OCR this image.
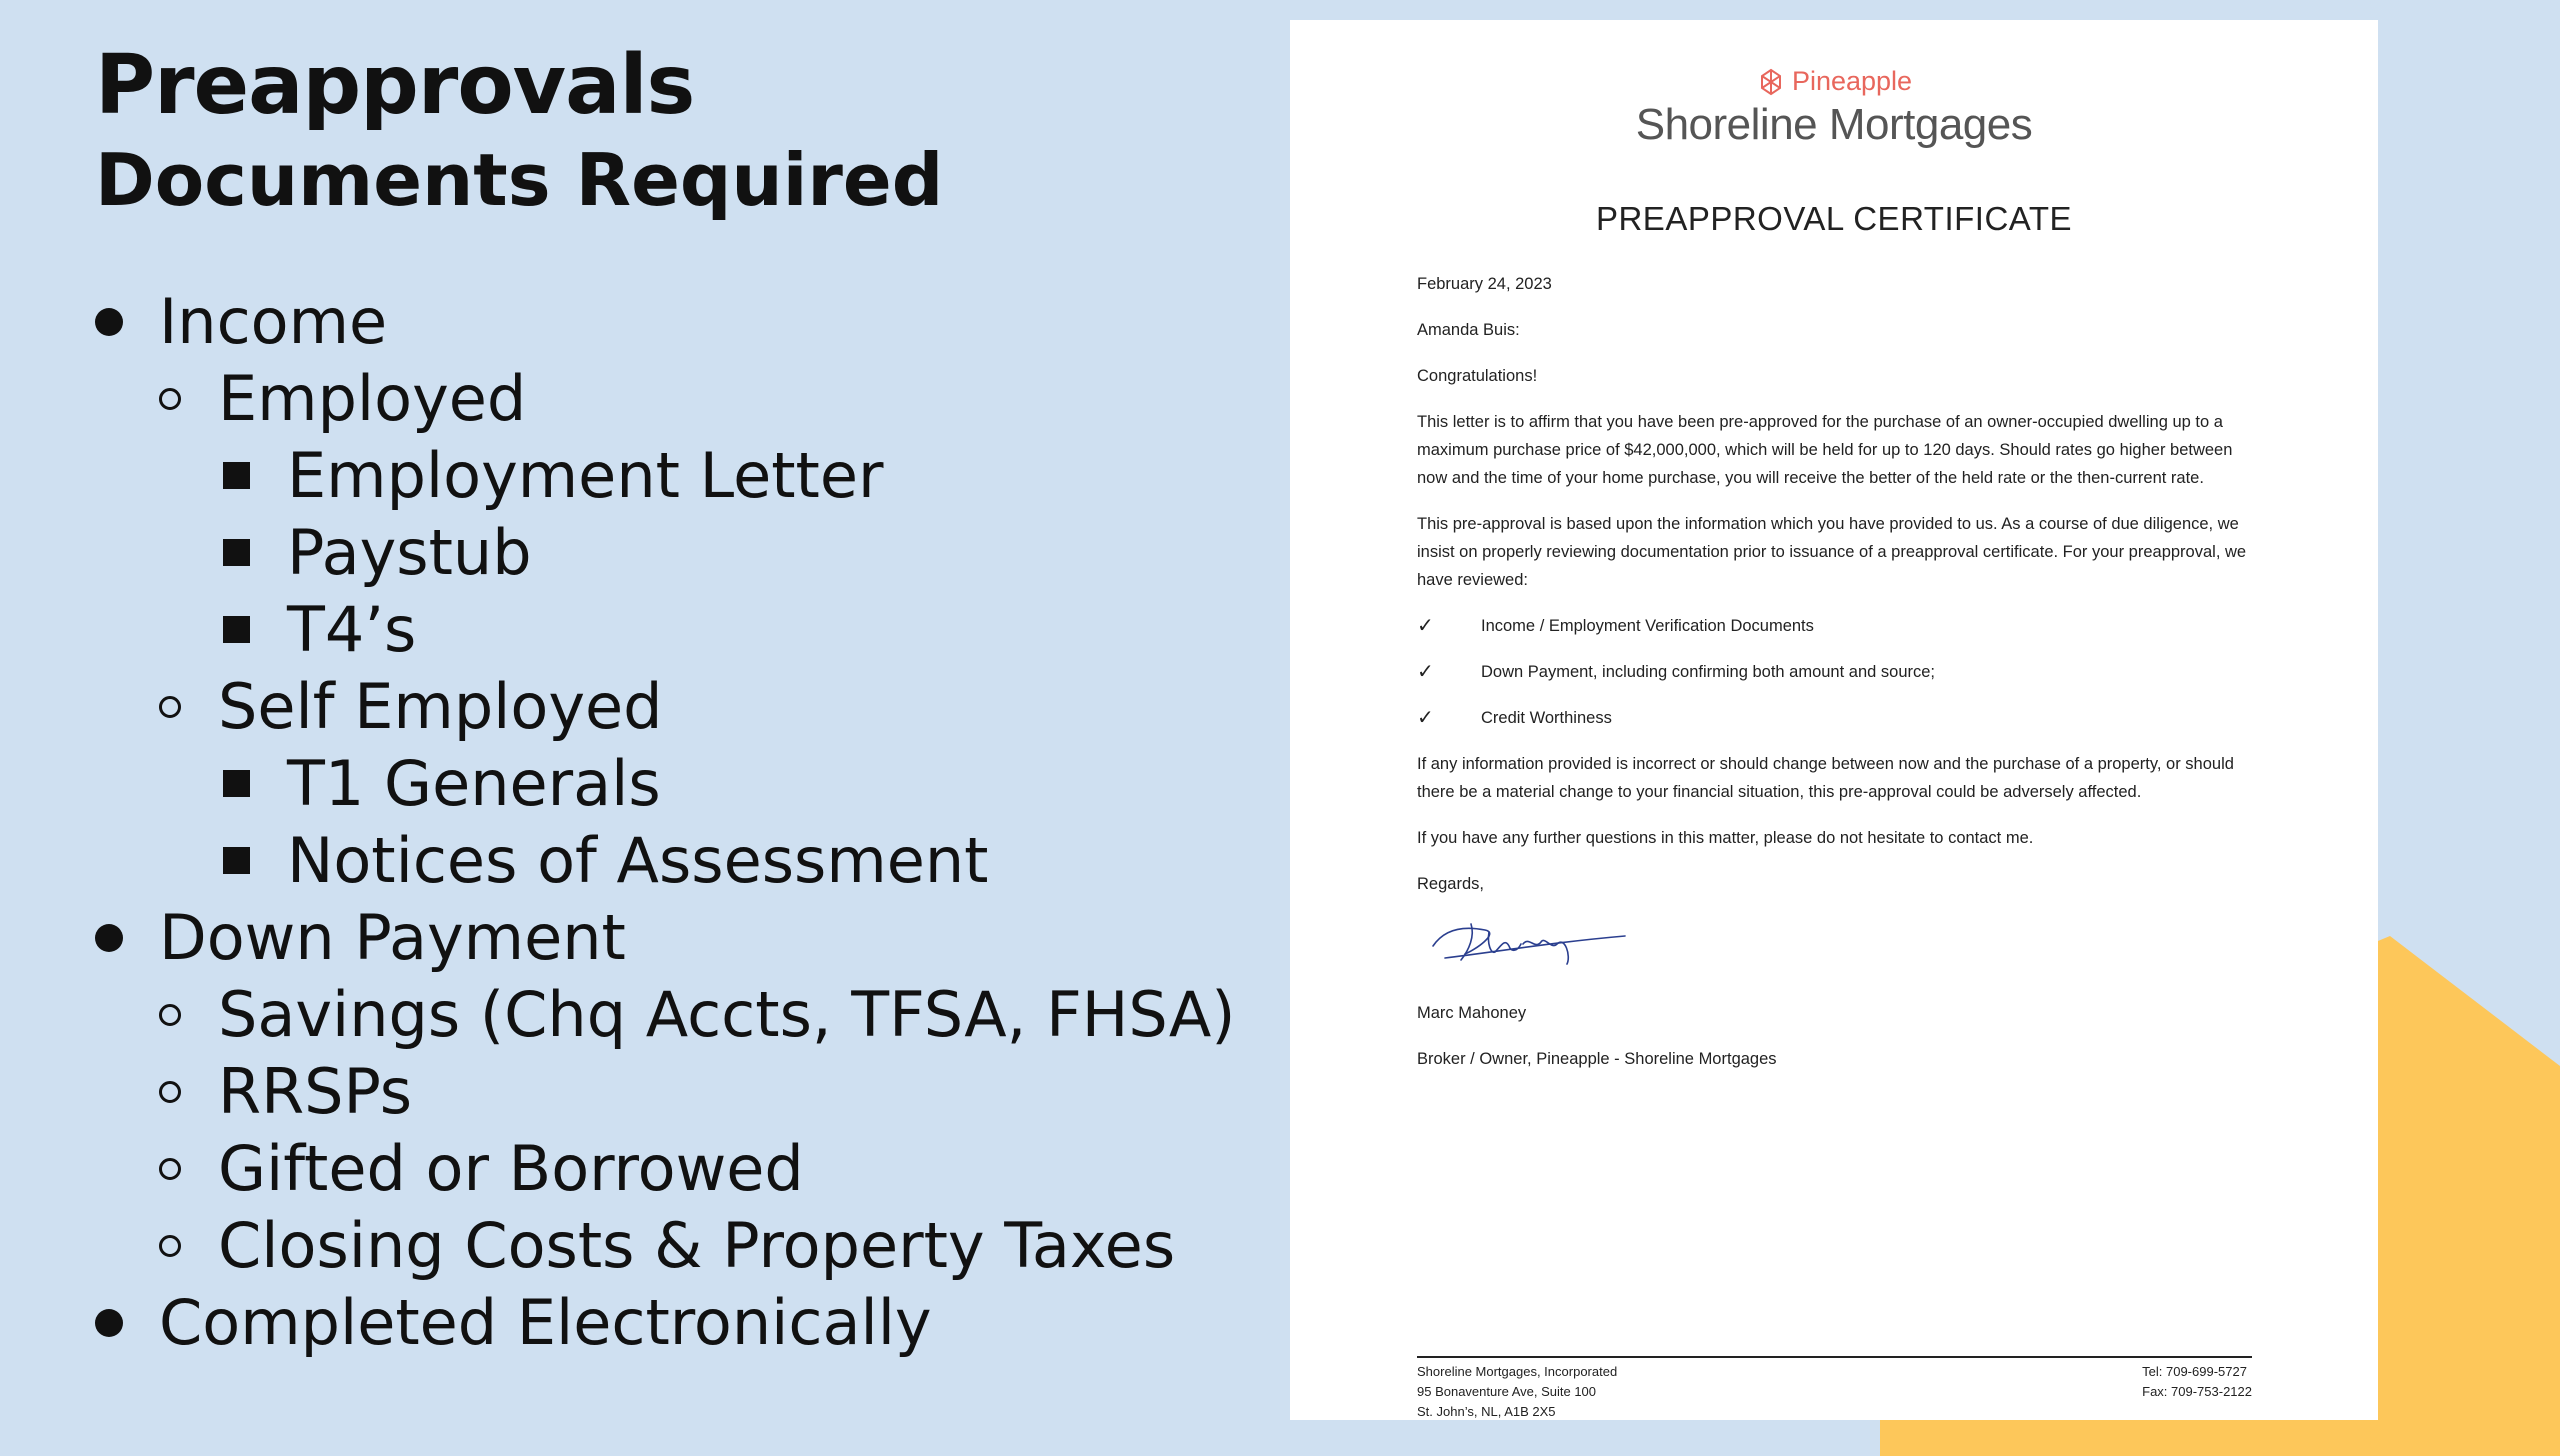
Preapprovals
Documents Required
Income
Employed
Employment Letter
Paystub
T4’s
Self Employed
T1 Generals
Notices of Assessment
Down Payment
Savings (Chq Accts, TFSA, FHSA)
RRSPs
Gifted or Borrowed
Closing Costs & Property Taxes
Completed Electronically
Pineapple
Shoreline Mortgages
PREAPPROVAL CERTIFICATE

February 24, 2023

Amanda Buis:

Congratulations!

This letter is to affirm that you have been pre-approved for the purchase of an owner-occupied dwelling up to a maximum purchase price of $42,000,000, which will be held for up to 120 days. Should rates go higher between now and the time of your home purchase, you will receive the better of the held rate or the then-current rate.

This pre-approval is based upon the information which you have provided to us. As a course of due diligence, we insist on properly reviewing documentation prior to issuance of a preapproval certificate. For your preapproval, we have reviewed:

✓	Income / Employment Verification Documents
✓	Down Payment, including confirming both amount and source;
✓	Credit Worthiness

If any information provided is incorrect or should change between now and the purchase of a property, or should there be a material change to your financial situation, this pre-approval could be adversely affected.

If you have any further questions in this matter, please do not hesitate to contact me.

Regards,

Marc Mahoney

Broker / Owner, Pineapple - Shoreline Mortgages

Shoreline Mortgages, Incorporated
95 Bonaventure Ave, Suite 100
St. John’s, NL, A1B 2X5
Tel: 709-699-5727
Fax: 709-753-2122
